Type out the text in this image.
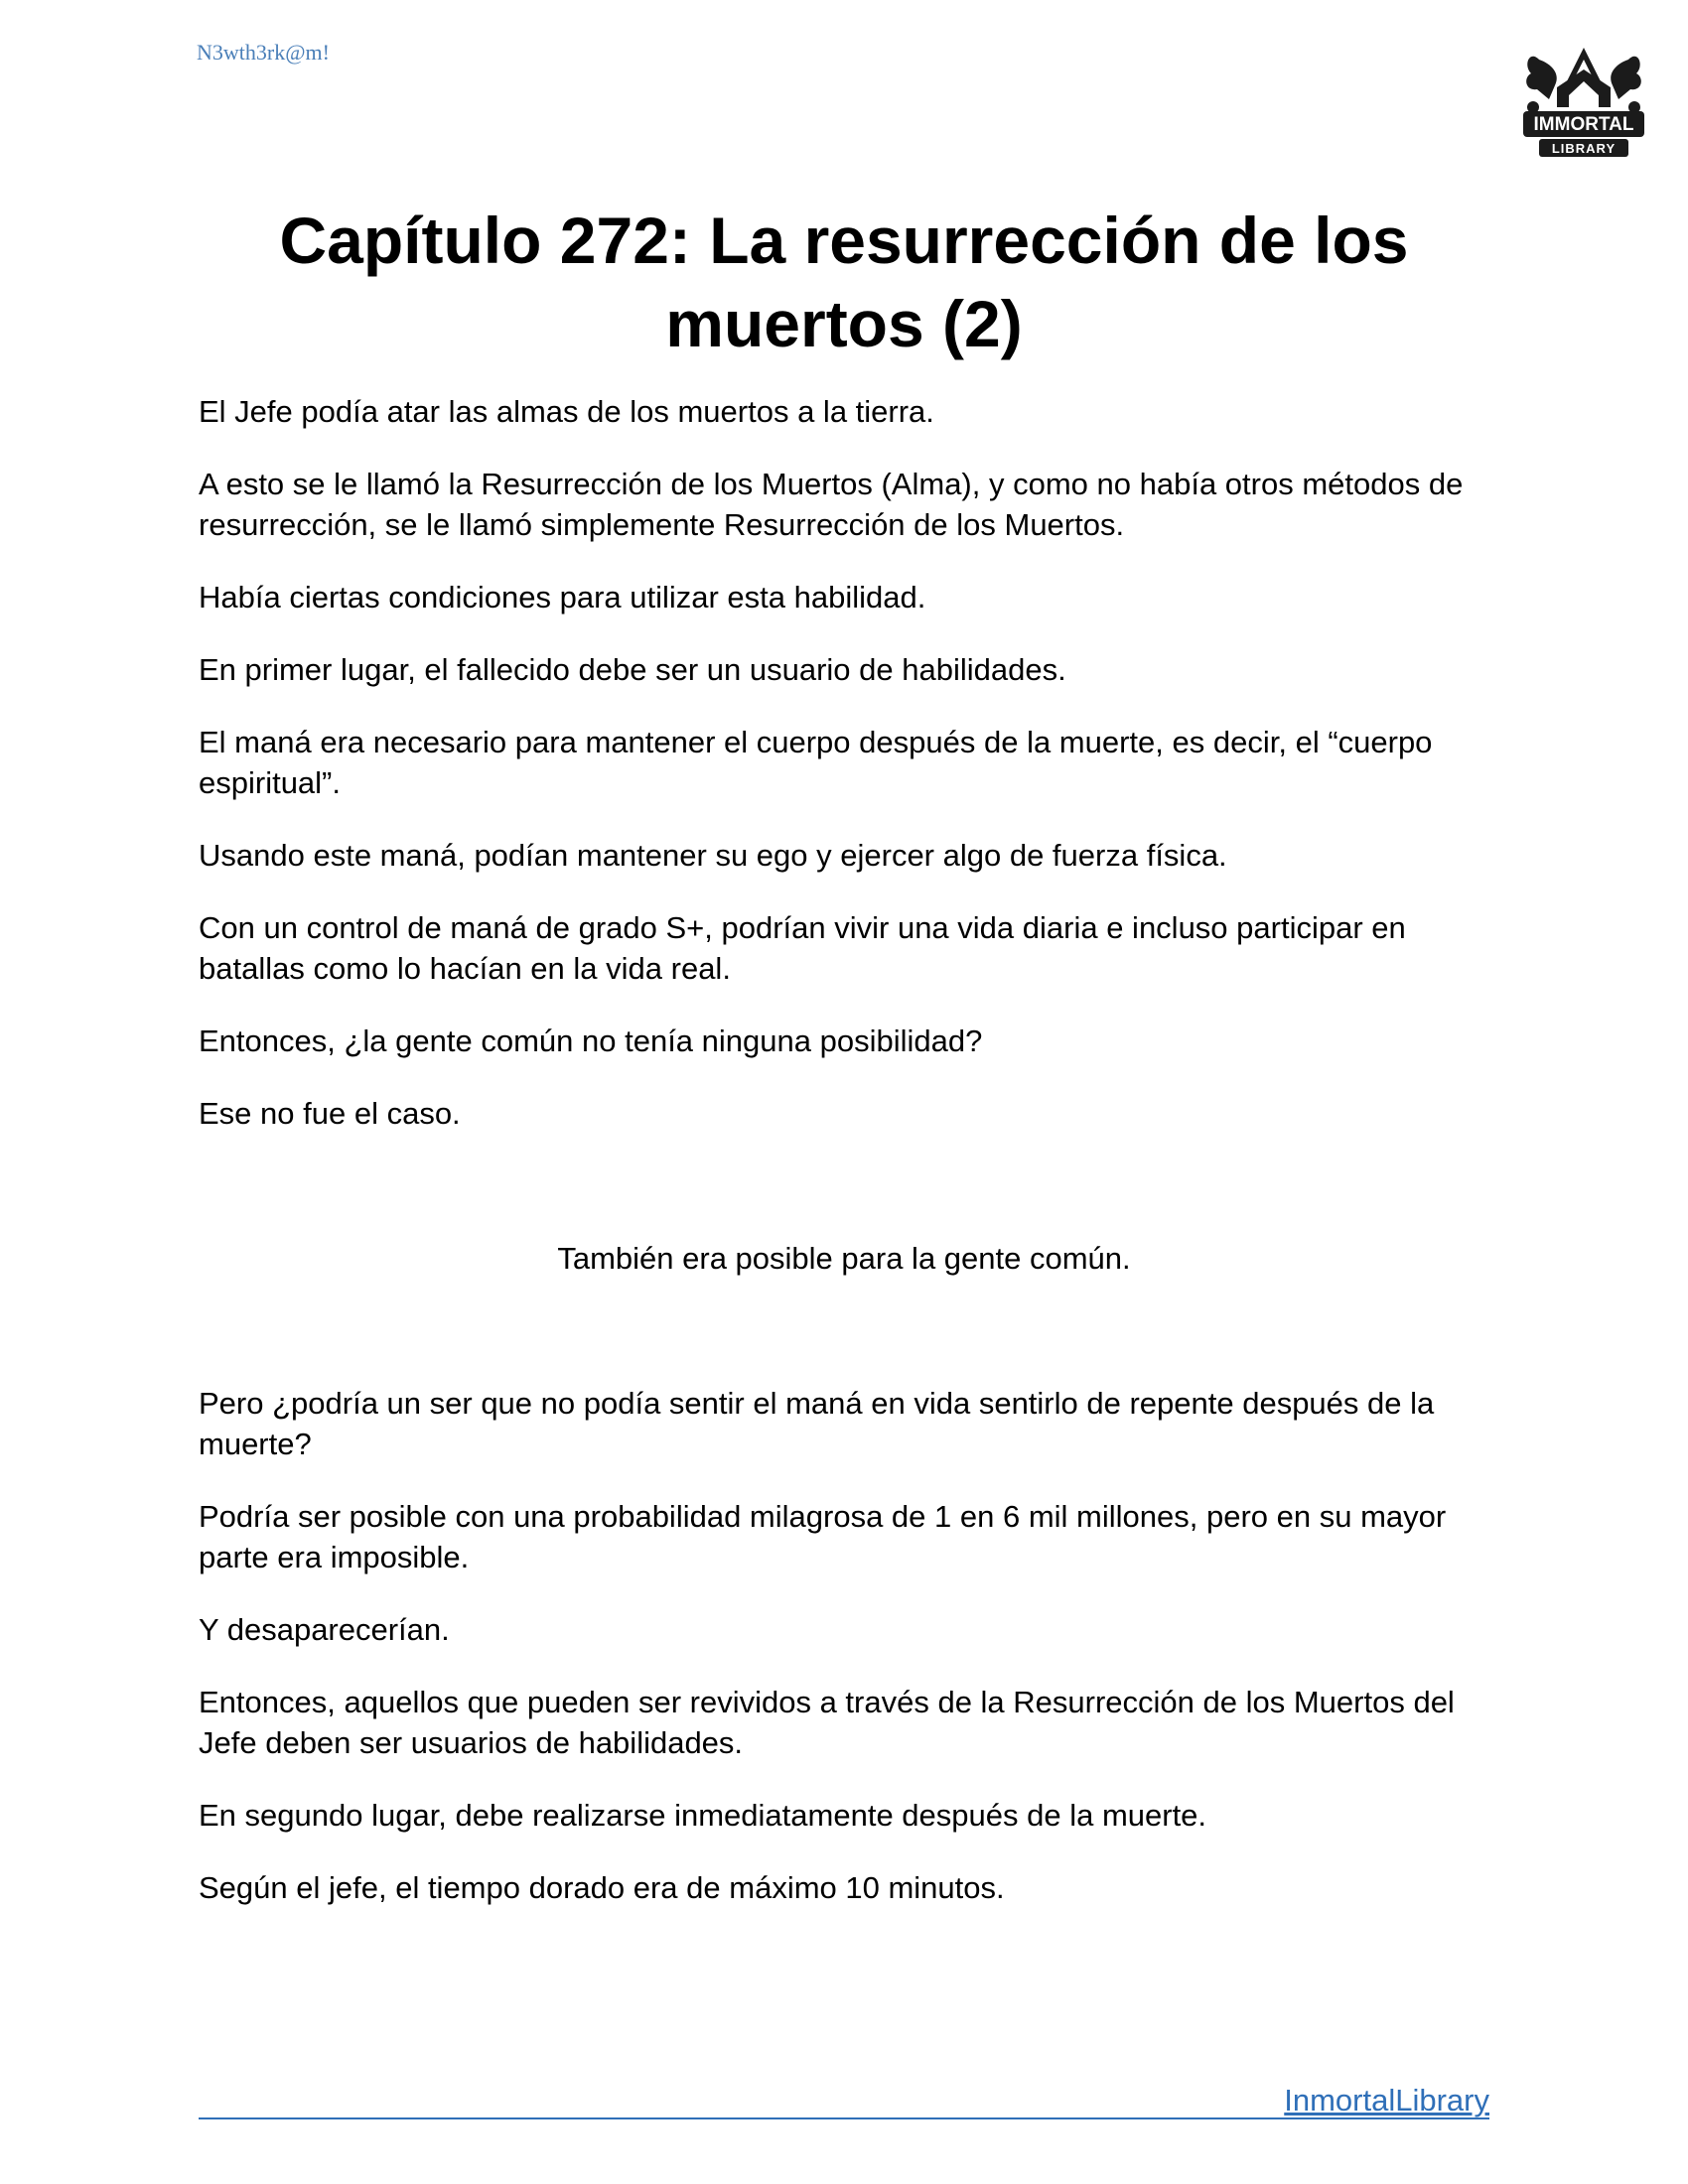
N3wth3rk@m!
IMMORTAL
LIBRARY
Capítulo 272: La resurrección de los muertos (2)

El Jefe podía atar las almas de los muertos a la tierra.

A esto se le llamó la Resurrección de los Muertos (Alma), y como no había otros métodos de resurrección, se le llamó simplemente Resurrección de los Muertos.

Había ciertas condiciones para utilizar esta habilidad.

En primer lugar, el fallecido debe ser un usuario de habilidades.

El maná era necesario para mantener el cuerpo después de la muerte, es decir, el “cuerpo espiritual”.

Usando este maná, podían mantener su ego y ejercer algo de fuerza física.

Con un control de maná de grado S+, podrían vivir una vida diaria e incluso participar en batallas como lo hacían en la vida real.

Entonces, ¿la gente común no tenía ninguna posibilidad?

Ese no fue el caso.

También era posible para la gente común.

Pero ¿podría un ser que no podía sentir el maná en vida sentirlo de repente después de la muerte?

Podría ser posible con una probabilidad milagrosa de 1 en 6 mil millones, pero en su mayor parte era imposible.

Y desaparecerían.

Entonces, aquellos que pueden ser revividos a través de la Resurrección de los Muertos del Jefe deben ser usuarios de habilidades.

En segundo lugar, debe realizarse inmediatamente después de la muerte.

Según el jefe, el tiempo dorado era de máximo 10 minutos.

InmortalLibrary
